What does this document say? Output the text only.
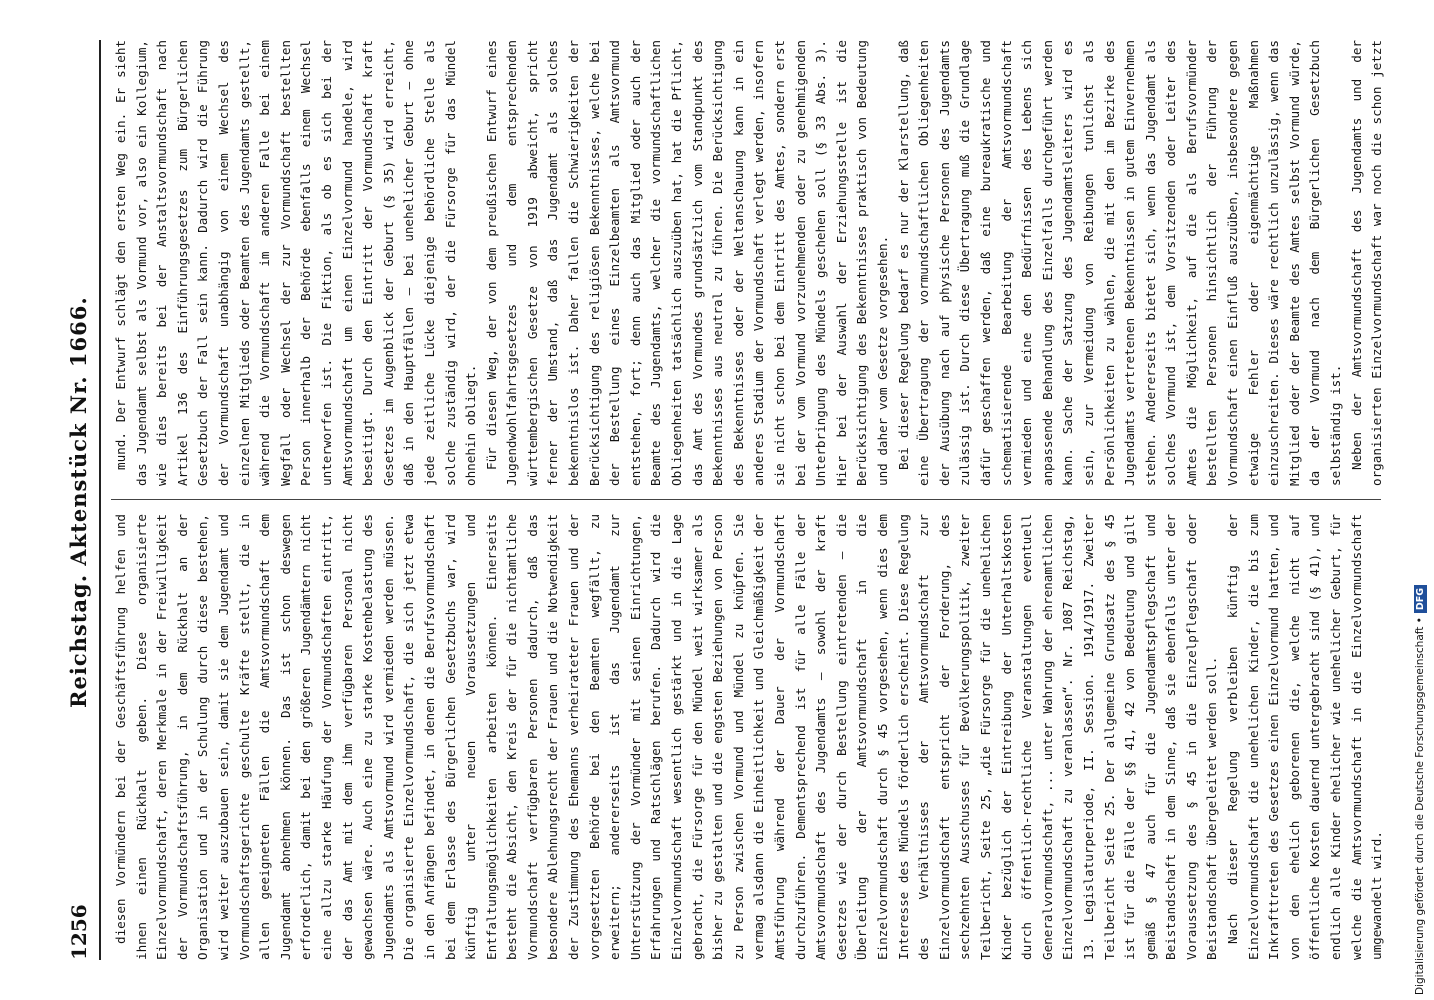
1256
Reichstag. Aktenstück Nr. 1666.

diesen Vormündern bei der Geschäftsführung helfen und ihnen einen Rückhalt geben. Diese organisierte Einzelvormundschaft, deren Merkmale in der Freiwilligkeit der Vormundschaftsführung, in dem Rückhalt an der Organisation und in der Schulung durch diese bestehen, wird weiter auszubauen sein, damit sie dem Jugendamt und Vormundschaftsgerichte geschulte Kräfte stellt, die in allen geeigneten Fällen die Amtsvormundschaft dem Jugendamt abnehmen können. Das ist schon deswegen erforderlich, damit bei den größeren Jugendämtern nicht eine allzu starke Häufung der Vormundschaften eintritt, der das Amt mit dem ihm verfügbaren Personal nicht gewachsen wäre. Auch eine zu starke Kostenbelastung des Jugendamts als Amtsvormund wird vermieden werden müssen. Die organisierte Einzelvormundschaft, die sich jetzt etwa in den Anfängen befindet, in denen die Berufsvormundschaft bei dem Erlasse des Bürgerlichen Gesetzbuchs war, wird künftig unter neuen Voraussetzungen und Entfaltungsmöglichkeiten arbeiten können. Einerseits besteht die Absicht, den Kreis der für die nichtamtliche Vormundschaft verfügbaren Personen dadurch, daß das besondere Ablehnungsrecht der Frauen und die Notwendigkeit der Zustimmung des Ehemanns verheirateter Frauen und der vorgesetzten Behörde bei den Beamten wegfällt, zu erweitern; andererseits ist das Jugendamt zur Unterstützung der Vormünder mit seinen Einrichtungen, Erfahrungen und Ratschlägen berufen. Dadurch wird die Einzelvormundschaft wesentlich gestärkt und in die Lage gebracht, die Fürsorge für den Mündel weit wirksamer als bisher zu gestalten und die engsten Beziehungen von Person zu Person zwischen Vormund und Mündel zu knüpfen. Sie vermag alsdann die Einheitlichkeit und Gleichmäßigkeit der Amtsführung während der Dauer der Vormundschaft durchzuführen. Dementsprechend ist für alle Fälle der Amtsvormundschaft des Jugendamts — sowohl der kraft Gesetzes wie der durch Bestellung eintretenden — die Überleitung der Amtsvormundschaft in die Einzelvormundschaft durch § 45 vorgesehen, wenn dies dem Interesse des Mündels förderlich erscheint. Diese Regelung des Verhältnisses der Amtsvormundschaft zur Einzelvormundschaft entspricht der Forderung, des sechzehnten Ausschusses für Bevölkerungspolitik, zweiter Teilbericht, Seite 25, „die Fürsorge für die unehelichen Kinder bezüglich der Eintreibung der Unterhaltskosten durch öffentlich-rechtliche Veranstaltungen eventuell Generalvormundschaft, ... unter Wahrung der ehrenamtlichen Einzelvormundschaft zu veranlassen“. Nr. 1087 Reichstag, 13. Legislaturperiode, II. Session. 1914/1917. Zweiter Teilbericht Seite 25. Der allgemeine Grundsatz des § 45 ist für die Fälle der §§ 41, 42 von Bedeutung und gilt gemäß § 47 auch für die Jugendamtspflegschaft und Beistandschaft in dem Sinne, daß sie ebenfalls unter der Voraussetzung des § 45 in die Einzelpflegschaft oder Beistandschaft übergeleitet werden soll. Nach dieser Regelung verbleiben künftig der Einzelvormundschaft die unehelichen Kinder, die bis zum Inkrafttreten des Gesetzes einen Einzelvormund hatten, und von den ehelich geborenen die, welche nicht auf öffentliche Kosten dauernd untergebracht sind (§ 41), und endlich alle Kinder ehelicher wie unehelicher Geburt, für welche die Amtsvormundschaft in die Einzelvormundschaft umgewandelt wird.

mund. Der Entwurf schlägt den ersten Weg ein. Er sieht das Jugendamt selbst als Vormund vor, also ein Kollegium, wie dies bereits bei der Anstaltsvormundschaft nach Artikel 136 des Einführungsgesetzes zum Bürgerlichen Gesetzbuch der Fall sein kann. Dadurch wird die Führung der Vormundschaft unabhängig von einem Wechsel des einzelnen Mitglieds oder Beamten des Jugendamts gestellt, während die Vormundschaft im anderen Falle bei einem Wegfall oder Wechsel der zur Vormundschaft bestellten Person innerhalb der Behörde ebenfalls einem Wechsel unterworfen ist. Die Fiktion, als ob es sich bei der Amtsvormundschaft um einen Einzelvormund handele, wird beseitigt. Durch den Eintritt der Vormundschaft kraft Gesetzes im Augenblick der Geburt (§ 35) wird erreicht, daß in den Hauptfällen — bei unehelicher Geburt — ohne jede zeitliche Lücke diejenige behördliche Stelle als solche zuständig wird, der die Fürsorge für das Mündel ohnehin obliegt. Für diesen Weg, der von dem preußischen Entwurf eines Jugendwohlfahrtsgesetzes und dem entsprechenden württembergischen Gesetze von 1919 abweicht, spricht ferner der Umstand, daß das Jugendamt als solches bekenntnislos ist. Daher fallen die Schwierigkeiten der Berücksichtigung des religiösen Bekenntnisses, welche bei der Bestellung eines Einzelbeamten als Amtsvormund entstehen, fort; denn auch das Mitglied oder auch der Beamte des Jugendamts, welcher die vormundschaftlichen Obliegenheiten tatsächlich auszuüben hat, hat die Pflicht, das Amt des Vormundes grundsätzlich vom Standpunkt des Bekenntnisses aus neutral zu führen. Die Berücksichtigung des Bekenntnisses oder der Weltanschauung kann in ein anderes Stadium der Vormundschaft verlegt werden, insofern sie nicht schon bei dem Eintritt des Amtes, sondern erst bei der vom Vormund vorzunehmenden oder zu genehmigenden Unterbringung des Mündels geschehen soll (§ 33 Abs. 3). Hier bei der Auswahl der Erziehungsstelle ist die Berücksichtigung des Bekenntnisses praktisch von Bedeutung und daher vom Gesetze vorgesehen. Bei dieser Regelung bedarf es nur der Klarstellung, daß eine Übertragung der vormundschaftlichen Obliegenheiten der Ausübung nach auf physische Personen des Jugendamts zulässig ist. Durch diese Übertragung muß die Grundlage dafür geschaffen werden, daß eine bureaukratische und schematisierende Bearbeitung der Amtsvormundschaft vermieden und eine den Bedürfnissen des Lebens sich anpassende Behandlung des Einzelfalls durchgeführt werden kann. Sache der Satzung des Jugendamtsleiters wird es sein, zur Vermeidung von Reibungen tunlichst als Persönlichkeiten zu wählen, die mit den im Bezirke des Jugendamts vertretenen Bekenntnissen in gutem Einvernehmen stehen. Andererseits bietet sich, wenn das Jugendamt als solches Vormund ist, dem Vorsitzenden oder Leiter des Amtes die Möglichkeit, auf die als Berufsvormünder bestellten Personen hinsichtlich der Führung der Vormundschaft einen Einfluß auszuüben, insbesondere gegen etwaige Fehler oder eigenmächtige Maßnahmen einzuschreiten. Dieses wäre rechtlich unzulässig, wenn das Mitglied oder der Beamte des Amtes selbst Vormund würde, da der Vormund nach dem Bürgerlichen Gesetzbuch selbständig ist. Neben der Amtsvormundschaft des Jugendamts und der organisierten Einzelvormundschaft war noch die schon jetzt

Digitalisierung gefördert durch die Deutsche Forschungsgemeinschaft •
DFG
